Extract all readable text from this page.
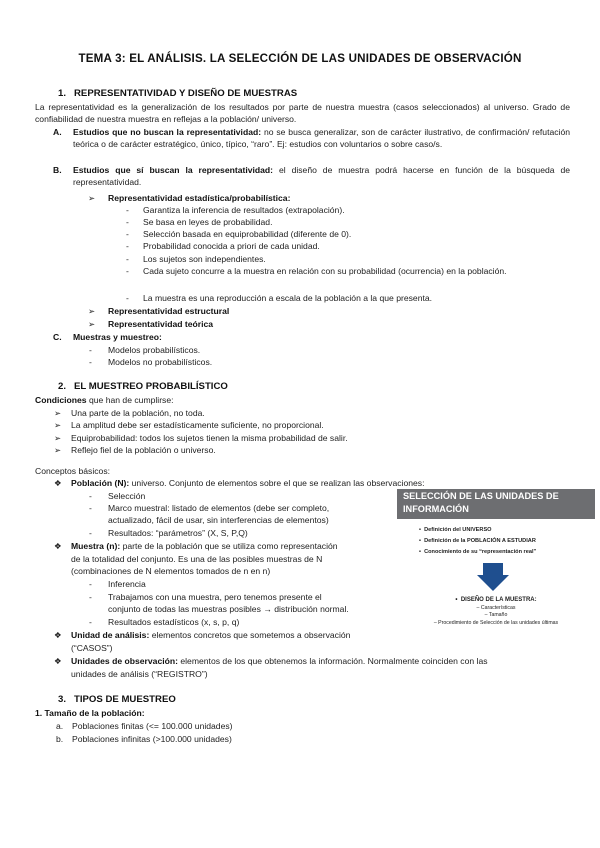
TEMA 3: EL ANÁLISIS. LA SELECCIÓN DE LAS UNIDADES DE OBSERVACIÓN
1. REPRESENTATIVIDAD Y DISEÑO DE MUESTRAS
La representatividad es la generalización de los resultados por parte de nuestra muestra (casos seleccionados) al universo. Grado de confiabilidad de nuestra muestra en reflejas a la población/ universo.
A. Estudios que no buscan la representatividad: no se busca generalizar, son de carácter ilustrativo, de confirmación/ refutación teórica o de carácter estratégico, único, típico, “raro”. Ej: estudios con voluntarios o sobre caso/s.
B. Estudios que sí buscan la representatividad: el diseño de muestra podrá hacerse en función de la búsqueda de representatividad.
➢ Representatividad estadística/probabilística:
- Garantiza la inferencia de resultados (extrapolación).
- Se basa en leyes de probabilidad.
- Selección basada en equiprobabilidad (diferente de 0).
- Probabilidad conocida a priori de cada unidad.
- Los sujetos son independientes.
- Cada sujeto concurre a la muestra en relación con su probabilidad (ocurrencia) en la población.
- La muestra es una reproducción a escala de la población a la que presenta.
➢ Representatividad estructural
➢ Representatividad teórica
C. Muestras y muestreo:
- Modelos probabilísticos.
- Modelos no probabilísticos.
2. EL MUESTREO PROBABILÍSTICO
Condiciones que han de cumplirse:
➢ Una parte de la población, no toda.
➢ La amplitud debe ser estadísticamente suficiente, no proporcional.
➢ Equiprobabilidad: todos los sujetos tienen la misma probabilidad de salir.
➢ Reflejo fiel de la población o universo.
Conceptos básicos:
❖ Población (N): universo. Conjunto de elementos sobre el que se realizan las observaciones:
- Selección
- Marco muestral: listado de elementos (debe ser completo,
actualizado, fácil de usar, sin interferencias de elementos)
- Resultados: “parámetros” (X, S, P,Q)
❖ Muestra (n): parte de la población que se utiliza como representación
de la totalidad del conjunto. Es una de las posibles muestras de N
(combinaciones de N elementos tomados de n en n)
- Inferencia
- Trabajamos con una muestra, pero tenemos presente el
conjunto de todas las muestras posibles → distribución normal.
- Resultados estadísticos (x, s, p, q)
❖ Unidad de análisis: elementos concretos que sometemos a observación
(“CASOS”)
❖ Unidades de observación: elementos de los que obtenemos la información. Normalmente coinciden con las
unidades de análisis (“REGISTRO”)
3. TIPOS DE MUESTREO
1. Tamaño de la población:
a. Poblaciones finitas (<= 100.000 unidades)
b. Poblaciones infinitas (>100.000 unidades)
SELECCIÓN DE LAS UNIDADES DE
INFORMACIÓN
•  Definición del UNIVERSO
•  Definición de la POBLACIÓN A ESTUDIAR
•  Conocimiento de su “representación real”
•  DISEÑO DE LA MUESTRA:
– Características
– Tamaño
– Procedimiento de Selección de las unidades últimas
